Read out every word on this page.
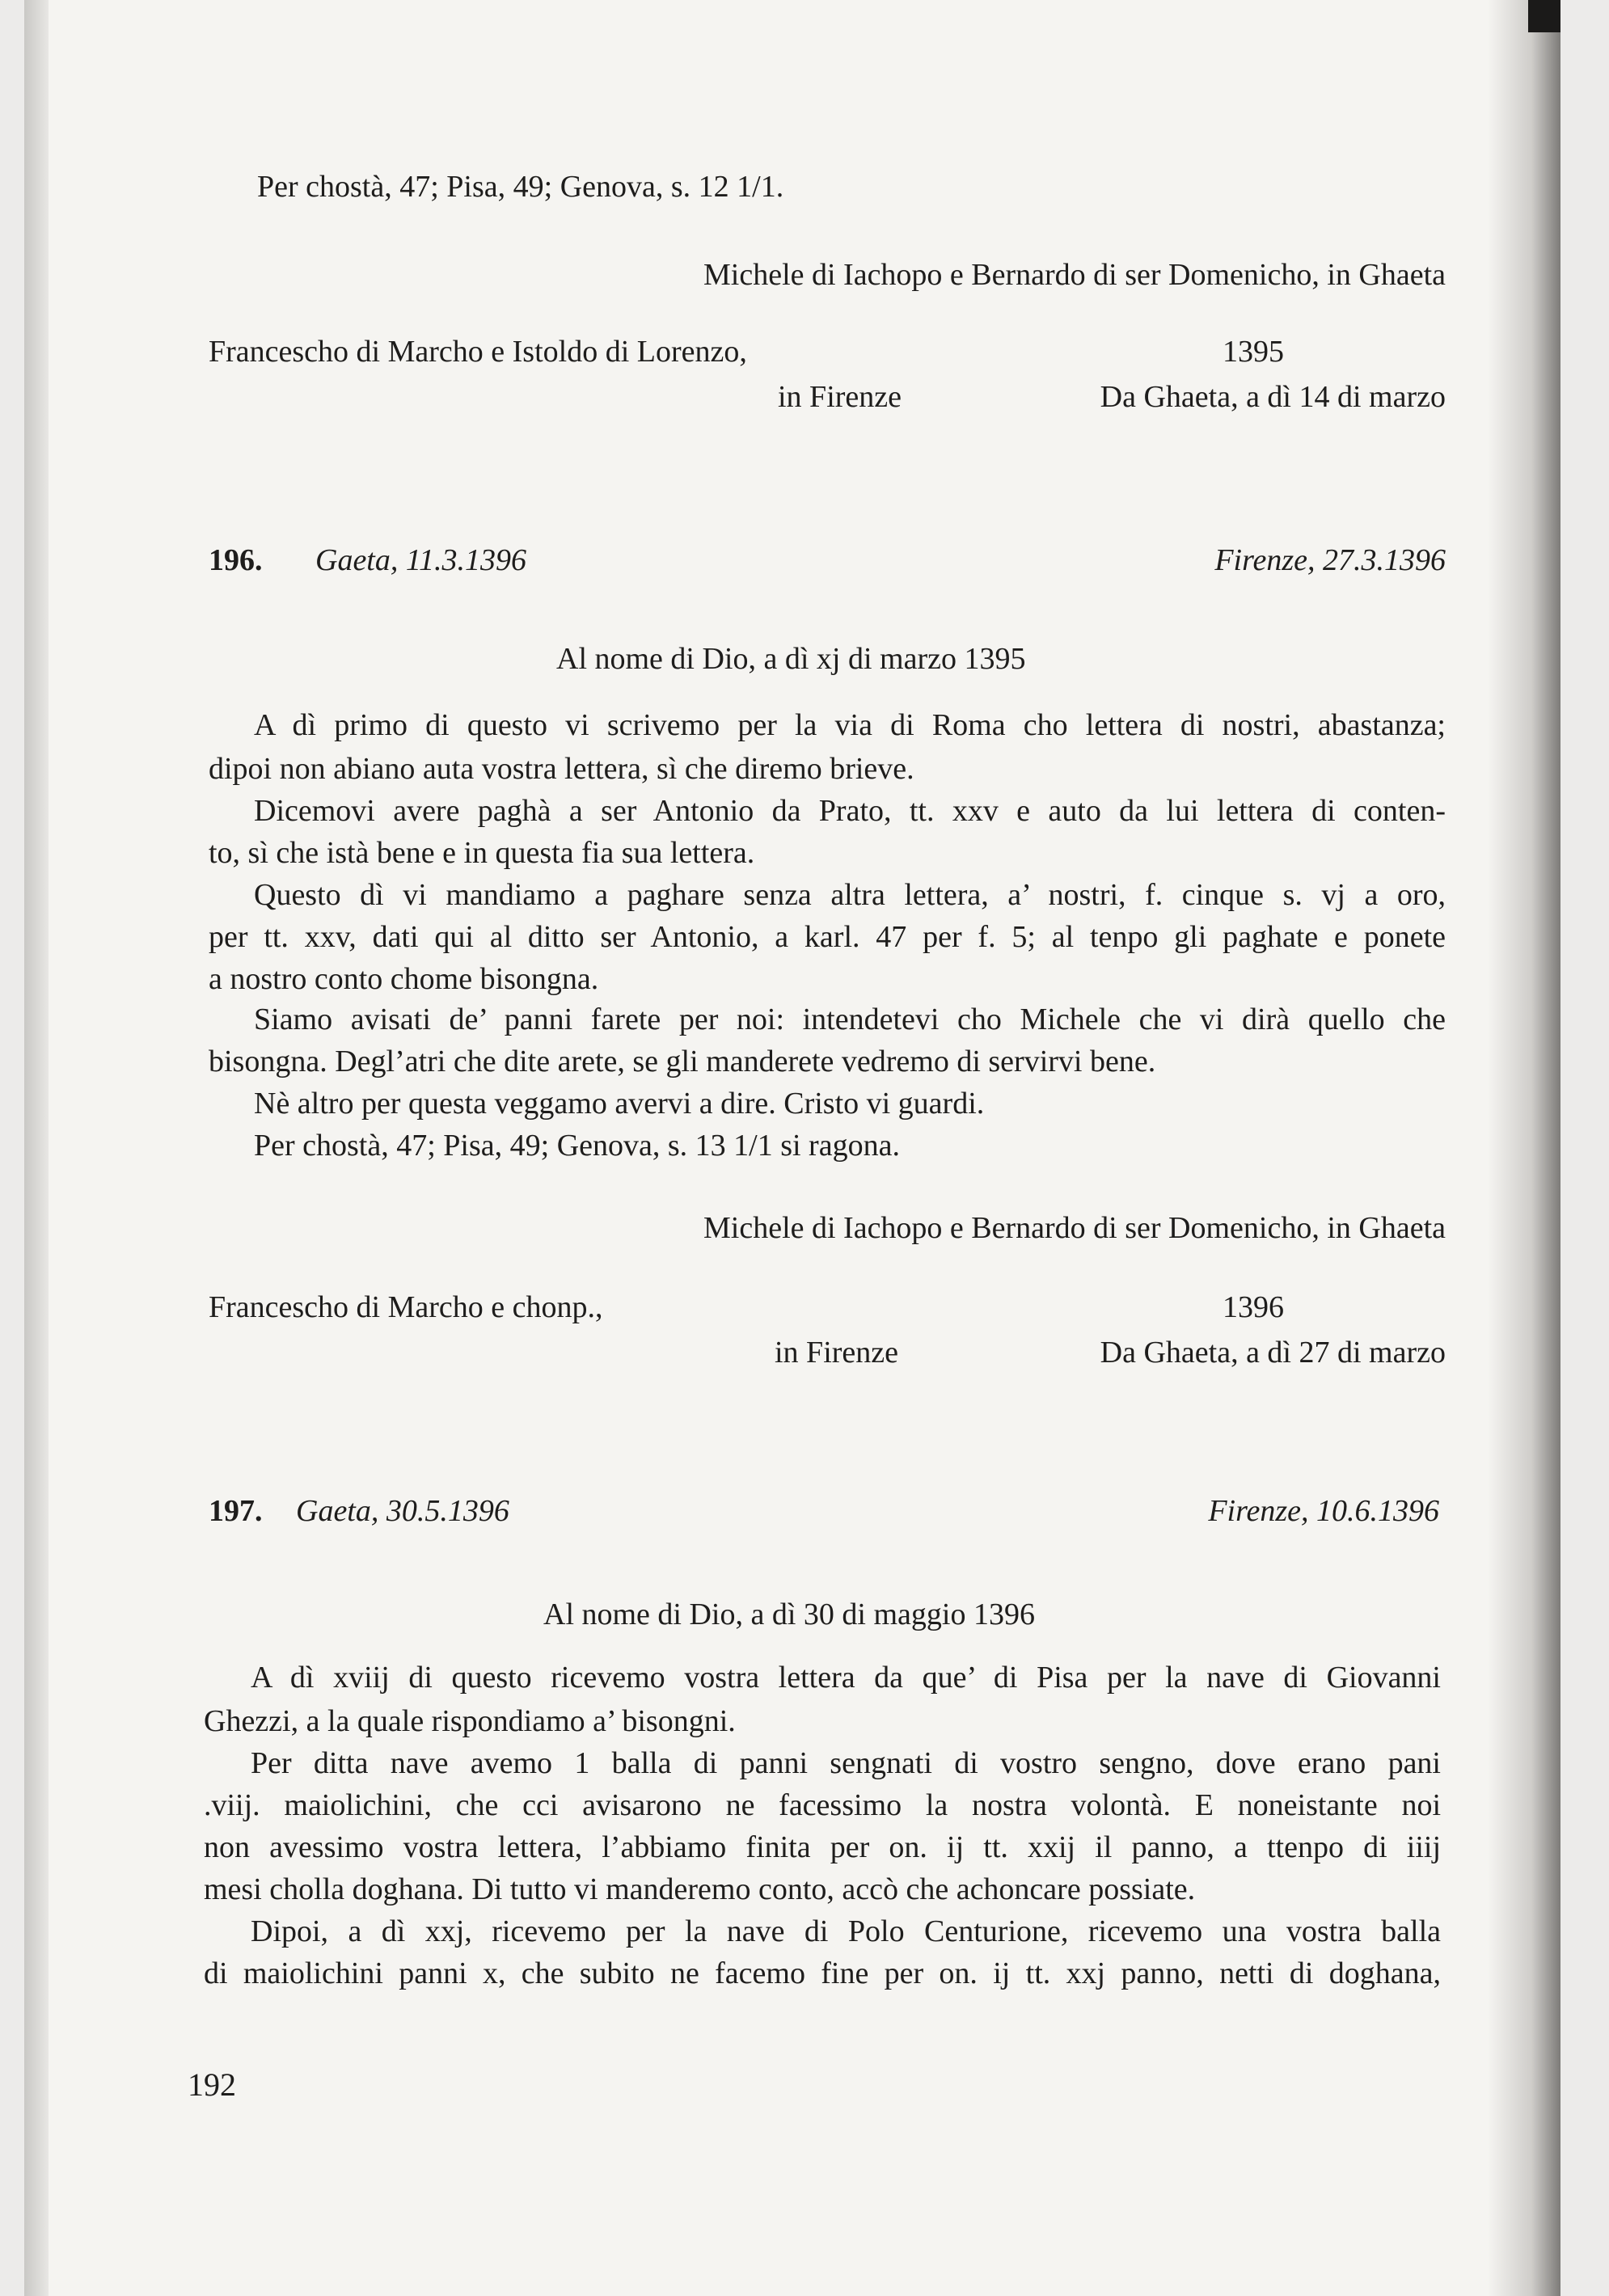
Per chostà, 47; Pisa, 49; Genova, s. 12 1/1.
Michele di Iachopo e Bernardo di ser Domenicho, in Ghaeta
Francescho di Marcho e Istoldo di Lorenzo,	1395
in Firenze	Da Ghaeta, a dì 14 di marzo
196. Gaeta, 11.3.1396	Firenze, 27.3.1396
Al nome di Dio, a dì xj di marzo 1395
A dì primo di questo vi scrivemo per la via di Roma cho lettera di nostri, abastanza;
dipoi non abiano auta vostra lettera, sì che diremo brieve.
Dicemovi avere paghà a ser Antonio da Prato, tt. xxv e auto da lui lettera di conten-
to, sì che istà bene e in questa fia sua lettera.
Questo dì vi mandiamo a paghare senza altra lettera, a’ nostri, f. cinque s. vj a oro,
per tt. xxv, dati qui al ditto ser Antonio, a karl. 47 per f. 5; al tenpo gli paghate e ponete
a nostro conto chome bisongna.
Siamo avisati de’ panni farete per noi: intendetevi cho Michele che vi dirà quello che
bisongna. Degl’atri che dite arete, se gli manderete vedremo di servirvi bene.
Nè altro per questa veggamo avervi a dire. Cristo vi guardi.
Per chostà, 47; Pisa, 49; Genova, s. 13 1/1 si ragona.
Michele di Iachopo e Bernardo di ser Domenicho, in Ghaeta
Francescho di Marcho e chonp.,	1396
in Firenze	Da Ghaeta, a dì 27 di marzo
197. Gaeta, 30.5.1396	Firenze, 10.6.1396
Al nome di Dio, a dì 30 di maggio 1396
A dì xviij di questo ricevemo vostra lettera da que’ di Pisa per la nave di Giovanni
Ghezzi, a la quale rispondiamo a’ bisongni.
Per ditta nave avemo 1 balla di panni sengnati di vostro sengno, dove erano pani
.viij. maiolichini, che cci avisarono ne facessimo la nostra volontà. E noneistante noi
non avessimo vostra lettera, l’abbiamo finita per on. ij tt. xxij il panno, a ttenpo di iiij
mesi cholla doghana. Di tutto vi manderemo conto, accò che achoncare possiate.
Dipoi, a dì xxj, ricevemo per la nave di Polo Centurione, ricevemo una vostra balla
di maiolichini panni x, che subito ne facemo fine per on. ij tt. xxj panno, netti di doghana,
192
